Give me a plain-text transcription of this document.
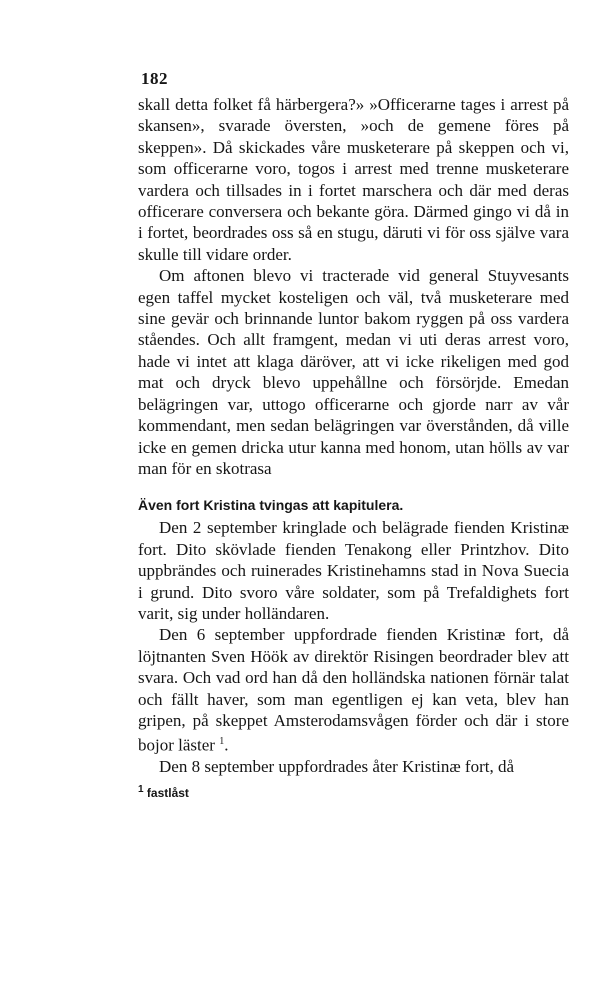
182

skall detta folket få härbergera?» »Officerarne tages i arrest på skansen», svarade översten, »och de gemene föres på skeppen». Då skickades våre musketerare på skeppen och vi, som officerarne voro, togos i arrest med trenne musketerare vardera och tillsades in i fortet marschera och där med deras officerare conversera och bekante göra. Därmed gingo vi då in i fortet, beordrades oss så en stugu, däruti vi för oss själve vara skulle till vidare order.

Om aftonen blevo vi tracterade vid general Stuyvesants egen taffel mycket kosteligen och väl, två musketerare med sine gevär och brinnande luntor bakom ryggen på oss vardera ståendes. Och allt framgent, medan vi uti deras arrest voro, hade vi intet att klaga däröver, att vi icke rikeligen med god mat och dryck blevo uppehållne och försörjde. Emedan belägringen var, uttogo officerarne och gjorde narr av vår kommendant, men sedan belägringen var överstånden, då ville icke en gemen dricka utur kanna med honom, utan hölls av var man för en skotrasa

Även fort Kristina tvingas att kapitulera.

Den 2 september kringlade och belägrade fienden Kristinæ fort. Dito skövlade fienden Tenakong eller Printzhov. Dito uppbrändes och ruinerades Kristinehamns stad in Nova Suecia i grund. Dito svoro våre soldater, som på Trefaldighets fort varit, sig under holländaren.

Den 6 september uppfordrade fienden Kristinæ fort, då löjtnanten Sven Höök av direktör Risingen beordrader blev att svara. Och vad ord han då den holländska nationen förnär talat och fällt haver, som man egentligen ej kan veta, blev han gripen, på skeppet Amsterodamsvågen förder och där i store bojor läster $^1$.

Den 8 september uppfordrades åter Kristinæ fort, då

$^1$ fastlåst
